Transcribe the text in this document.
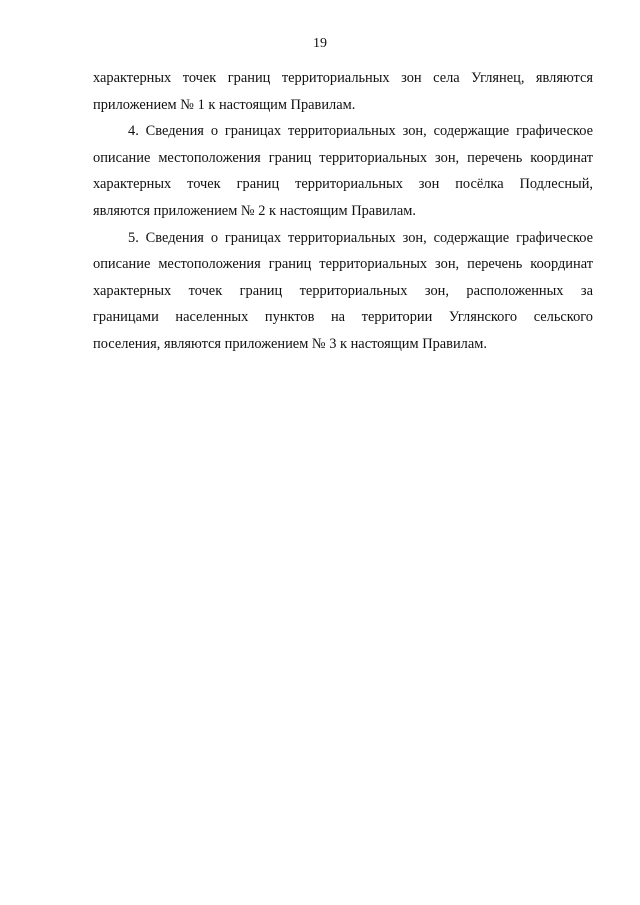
19
характерных точек границ территориальных зон села Углянец, являются
приложением № 1 к настоящим Правилам.
4. Сведения о границах территориальных зон, содержащие графическое
описание местоположения границ территориальных зон, перечень координат
характерных точек границ территориальных зон посёлка Подлесный,
являются приложением № 2 к настоящим Правилам.
5. Сведения о границах территориальных зон, содержащие графическое
описание местоположения границ территориальных зон, перечень координат
характерных точек границ территориальных зон, расположенных за
границами населенных пунктов на территории Углянского сельского
поселения, являются приложением № 3 к настоящим Правилам.
